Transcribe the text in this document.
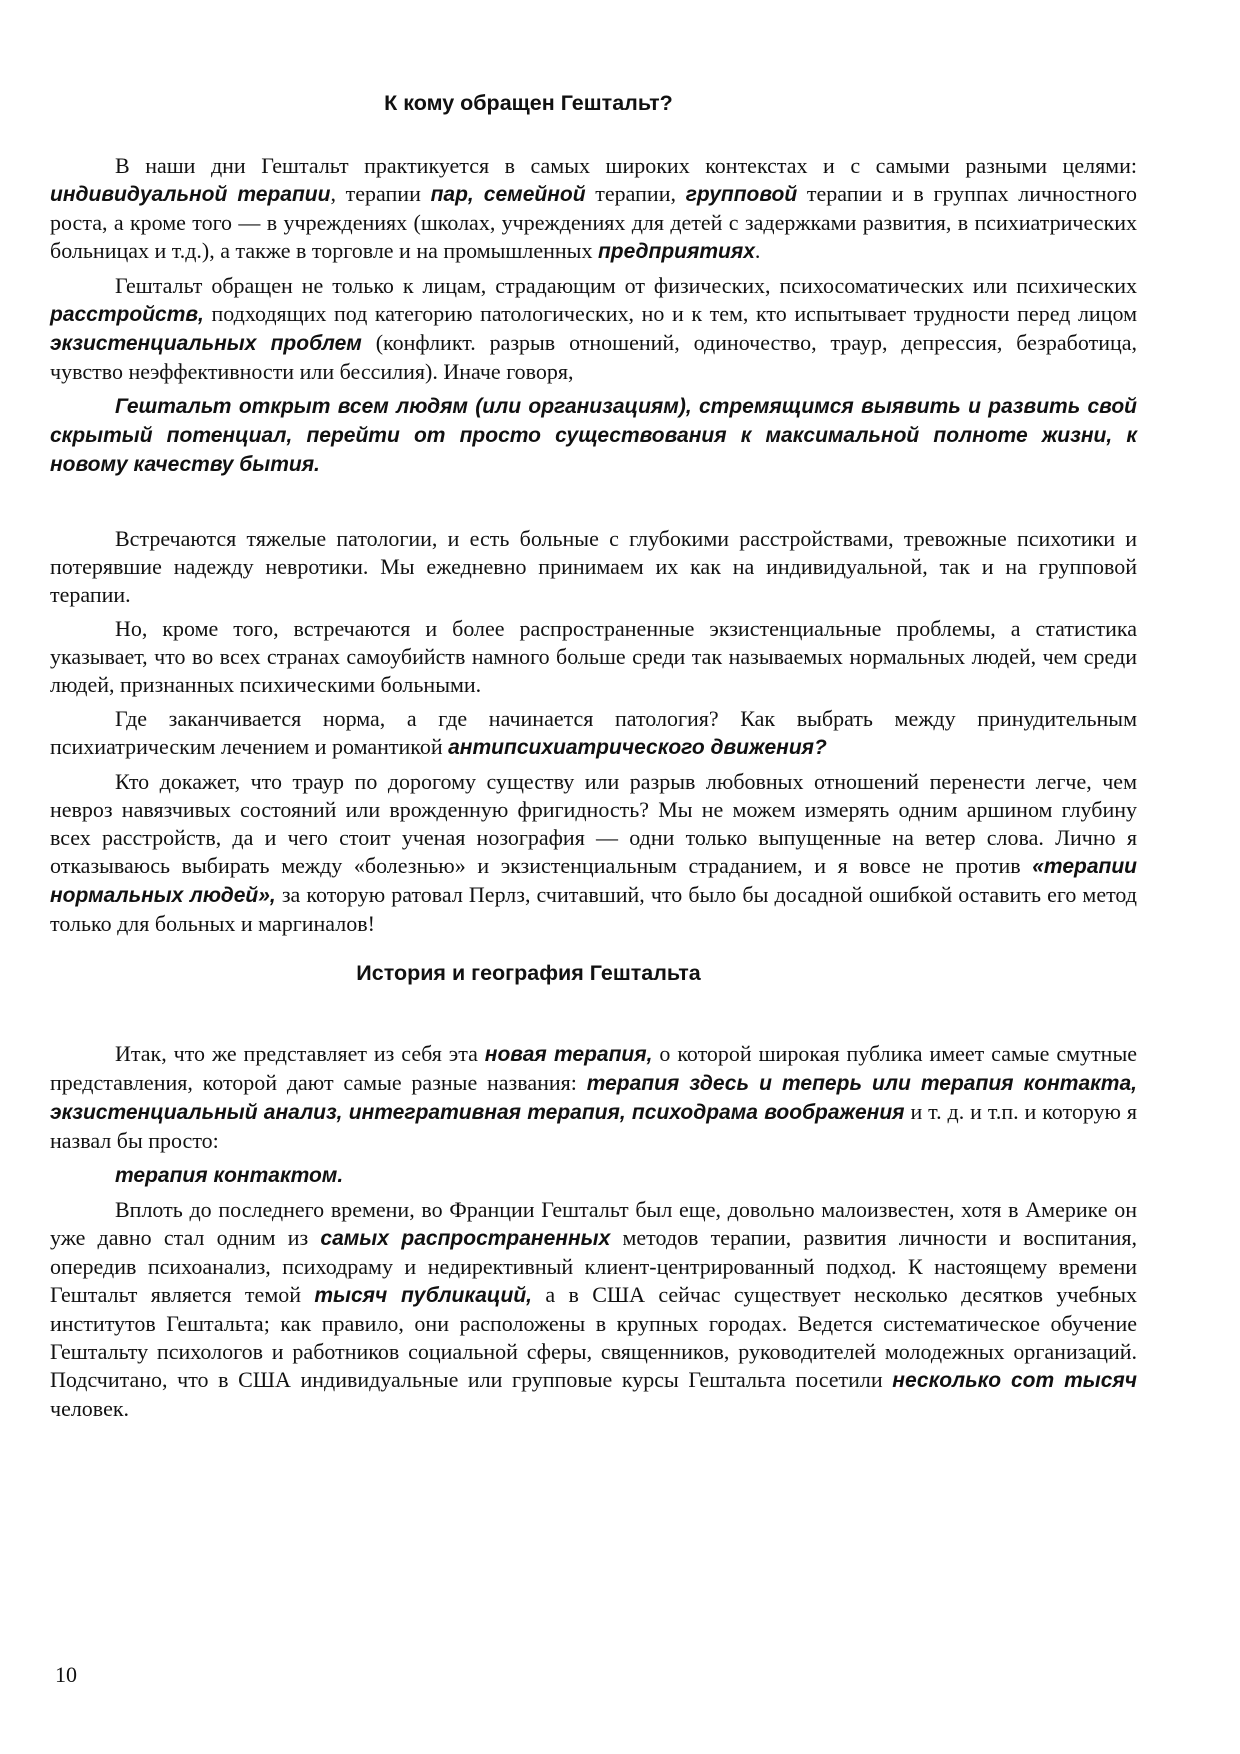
К кому обращен Гештальт?

В наши дни Гештальт практикуется в самых широких контекстах и с самыми разными целями: индивидуальной терапии, терапии пар, семейной терапии, групповой терапии и в группах личностного роста, а кроме того — в учреждениях (школах, учреждениях для детей с задержками развития, в психиатрических больницах и т.д.), а также в торговле и на промышленных предприятиях.

Гештальт обращен не только к лицам, страдающим от физических, психосоматических или психических расстройств, подходящих под категорию патологических, но и к тем, кто испытывает трудности перед лицом экзистенциальных проблем (конфликт. разрыв отношений, одиночество, траур, депрессия, безработица, чувство неэффективности или бессилия). Иначе говоря,

Гештальт открыт всем людям (или организациям), стремящимся выявить и развить свой скрытый потенциал, перейти от просто существования к максимальной полноте жизни, к новому качеству бытия.

Встречаются тяжелые патологии, и есть больные с глубокими расстройствами, тревожные психотики и потерявшие надежду невротики. Мы ежедневно принимаем их как на индивидуальной, так и на групповой терапии.

Но, кроме того, встречаются и более распространенные экзистенциальные проблемы, а статистика указывает, что во всех странах самоубийств намного больше среди так называемых нормальных людей, чем среди людей, признанных психическими больными.

Где заканчивается норма, а где начинается патология? Как выбрать между принудительным психиатрическим лечением и романтикой антипсихиатрического движения?

Кто докажет, что траур по дорогому существу или разрыв любовных отношений перенести легче, чем невроз навязчивых состояний или врожденную фригидность? Мы не можем измерять одним аршином глубину всех расстройств, да и чего стоит ученая нозография — одни только выпущенные на ветер слова. Лично я отказываюсь выбирать между «болезнью» и экзистенциальным страданием, и я вовсе не против «терапии нормальных людей», за которую ратовал Перлз, считавший, что было бы досадной ошибкой оставить его метод только для больных и маргиналов!

История и география Гештальта

Итак, что же представляет из себя эта новая терапия, о которой широкая публика имеет самые смутные представления, которой дают самые разные названия: терапия здесь и теперь или терапия контакта, экзистенциальный анализ, интегративная терапия, психодрама воображения и т. д. и т.п. и которую я назвал бы просто:

терапия контактом.

Вплоть до последнего времени, во Франции Гештальт был еще, довольно малоизвестен, хотя в Америке он уже давно стал одним из самых распространенных методов терапии, развития личности и воспитания, опередив психоанализ, психодраму и недирективный клиент-центрированный подход. К настоящему времени Гештальт является темой тысяч публикаций, а в США сейчас существует несколько десятков учебных институтов Гештальта; как правило, они расположены в крупных городах. Ведется систематическое обучение Гештальту психологов и работников социальной сферы, священников, руководителей молодежных организаций. Подсчитано, что в США индивидуальные или групповые курсы Гештальта посетили несколько сот тысяч человек.

10
